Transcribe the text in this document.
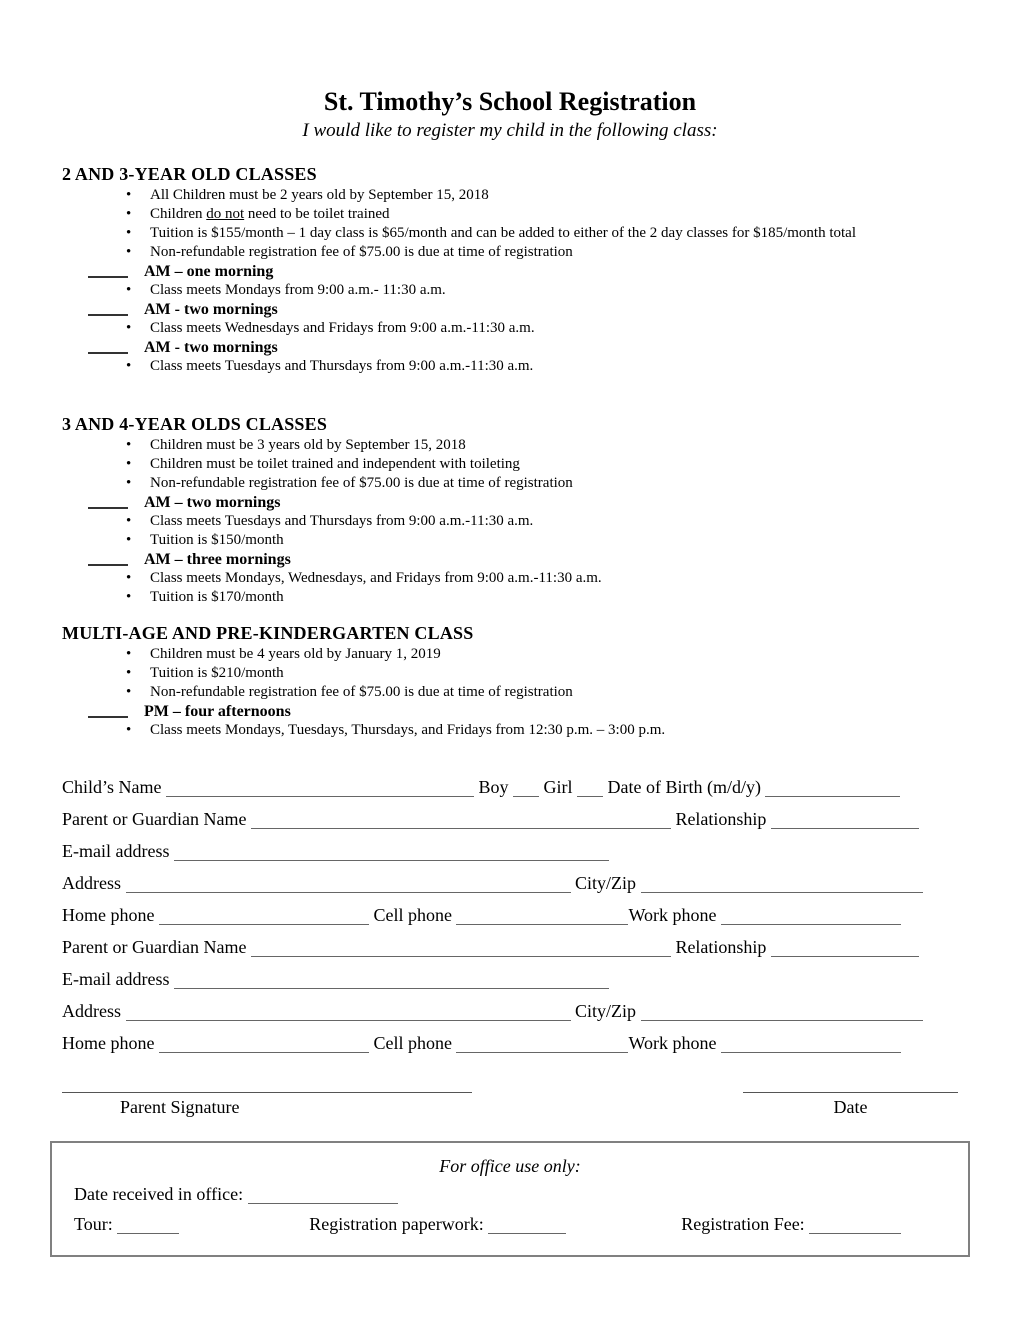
St. Timothy’s School Registration
I would like to register my child in the following class:
2 AND 3-YEAR OLD CLASSES
• All Children must be 2 years old by September 15, 2018
• Children do not need to be toilet trained
• Tuition is $155/month – 1 day class is $65/month and can be added to either of the 2 day classes for $185/month total
• Non-refundable registration fee of $75.00 is due at time of registration
AM – one morning
• Class meets Mondays from 9:00 a.m.- 11:30 a.m.
AM - two mornings
• Class meets Wednesdays and Fridays from 9:00 a.m.-11:30 a.m.
AM - two mornings
• Class meets Tuesdays and Thursdays from 9:00 a.m.-11:30 a.m.
3 AND 4-YEAR OLDS CLASSES
• Children must be 3 years old by September 15, 2018
• Children must be toilet trained and independent with toileting
• Non-refundable registration fee of $75.00 is due at time of registration
AM – two mornings
• Class meets Tuesdays and Thursdays from 9:00 a.m.-11:30 a.m.
• Tuition is $150/month
AM – three mornings
• Class meets Mondays, Wednesdays, and Fridays from 9:00 a.m.-11:30 a.m.
• Tuition is $170/month
MULTI-AGE AND PRE-KINDERGARTEN CLASS
• Children must be 4 years old by January 1, 2019
• Tuition is $210/month
• Non-refundable registration fee of $75.00 is due at time of registration
PM – four afternoons
• Class meets Mondays, Tuesdays, Thursdays, and Fridays from 12:30 p.m. – 3:00 p.m.
Child’s Name	Boy Girl Date of Birth (m/d/y)
Parent or Guardian Name	Relationship
E-mail address
Address	City/Zip
Home phone	Cell phone	Work phone
Parent or Guardian Name	Relationship
E-mail address
Address	City/Zip
Home phone	Cell phone	Work phone
Parent Signature	Date
For office use only:
Date received in office:
Tour:	Registration paperwork:	Registration Fee:
